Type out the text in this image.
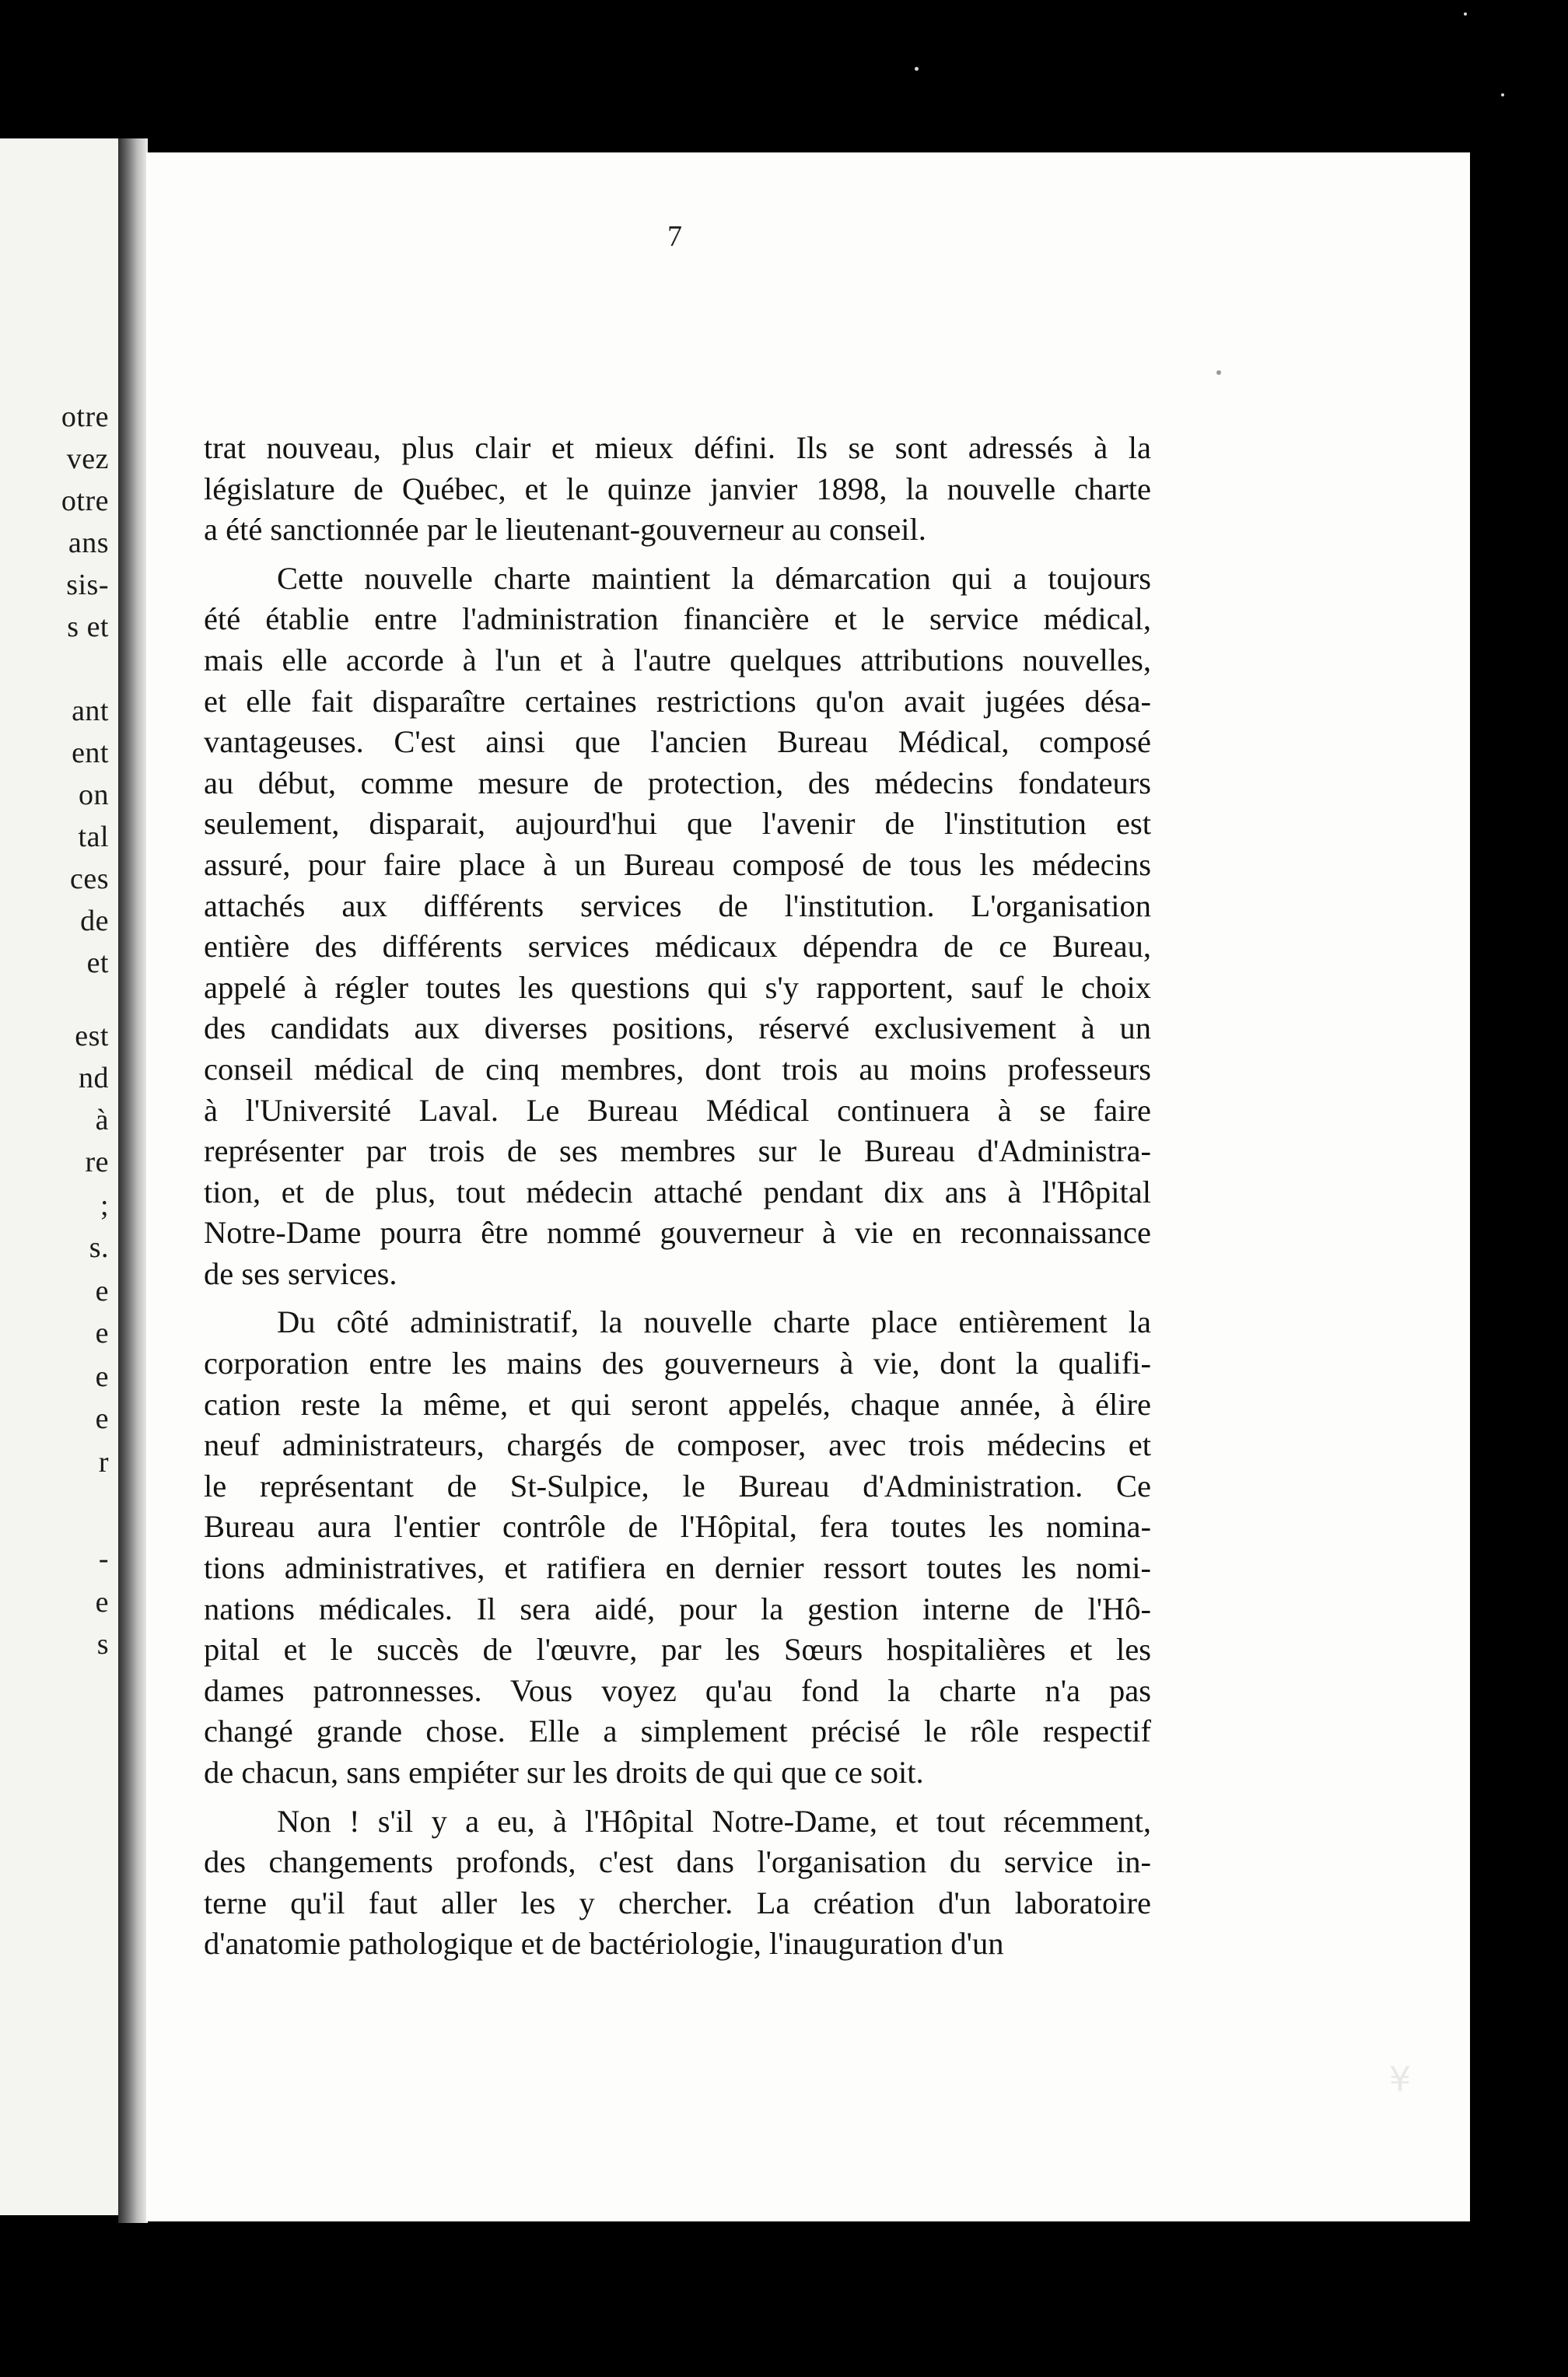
otre
vez
otre
ans
sis-
s et
ant
ent
on
tal
ces
de
et
est
nd
à
re
;
s.
e
e
e
e
r
-
e
s
7

trat nouveau, plus clair et mieux défini. Ils se sont adressés à la

législature de Québec, et le quinze janvier 1898, la nouvelle charte

a été sanctionnée par le lieutenant-gouverneur au conseil.

Cette nouvelle charte maintient la démarcation qui a toujours

été établie entre l'administration financière et le service médical,

mais elle accorde à l'un et à l'autre quelques attributions nouvelles,

et elle fait disparaître certaines restrictions qu'on avait jugées désa-

vantageuses. C'est ainsi que l'ancien Bureau Médical, composé

au début, comme mesure de protection, des médecins fondateurs

seulement, disparait, aujourd'hui que l'avenir de l'institution est

assuré, pour faire place à un Bureau composé de tous les médecins

attachés aux différents services de l'institution. L'organisation

entière des différents services médicaux dépendra de ce Bureau,

appelé à régler toutes les questions qui s'y rapportent, sauf le choix

des candidats aux diverses positions, réservé exclusivement à un

conseil médical de cinq membres, dont trois au moins professeurs

à l'Université Laval. Le Bureau Médical continuera à se faire

représenter par trois de ses membres sur le Bureau d'Administra-

tion, et de plus, tout médecin attaché pendant dix ans à l'Hôpital

Notre-Dame pourra être nommé gouverneur à vie en reconnaissance

de ses services.

Du côté administratif, la nouvelle charte place entièrement la

corporation entre les mains des gouverneurs à vie, dont la qualifi-

cation reste la même, et qui seront appelés, chaque année, à élire

neuf administrateurs, chargés de composer, avec trois médecins et

le représentant de St-Sulpice, le Bureau d'Administration. Ce

Bureau aura l'entier contrôle de l'Hôpital, fera toutes les nomina-

tions administratives, et ratifiera en dernier ressort toutes les nomi-

nations médicales. Il sera aidé, pour la gestion interne de l'Hô-

pital et le succès de l'œuvre, par les Sœurs hospitalières et les

dames patronnesses. Vous voyez qu'au fond la charte n'a pas

changé grande chose. Elle a simplement précisé le rôle respectif

de chacun, sans empiéter sur les droits de qui que ce soit.

Non ! s'il y a eu, à l'Hôpital Notre-Dame, et tout récemment,

des changements profonds, c'est dans l'organisation du service in-

terne qu'il faut aller les y chercher. La création d'un laboratoire

d'anatomie pathologique et de bactériologie, l'inauguration d'un

¥
